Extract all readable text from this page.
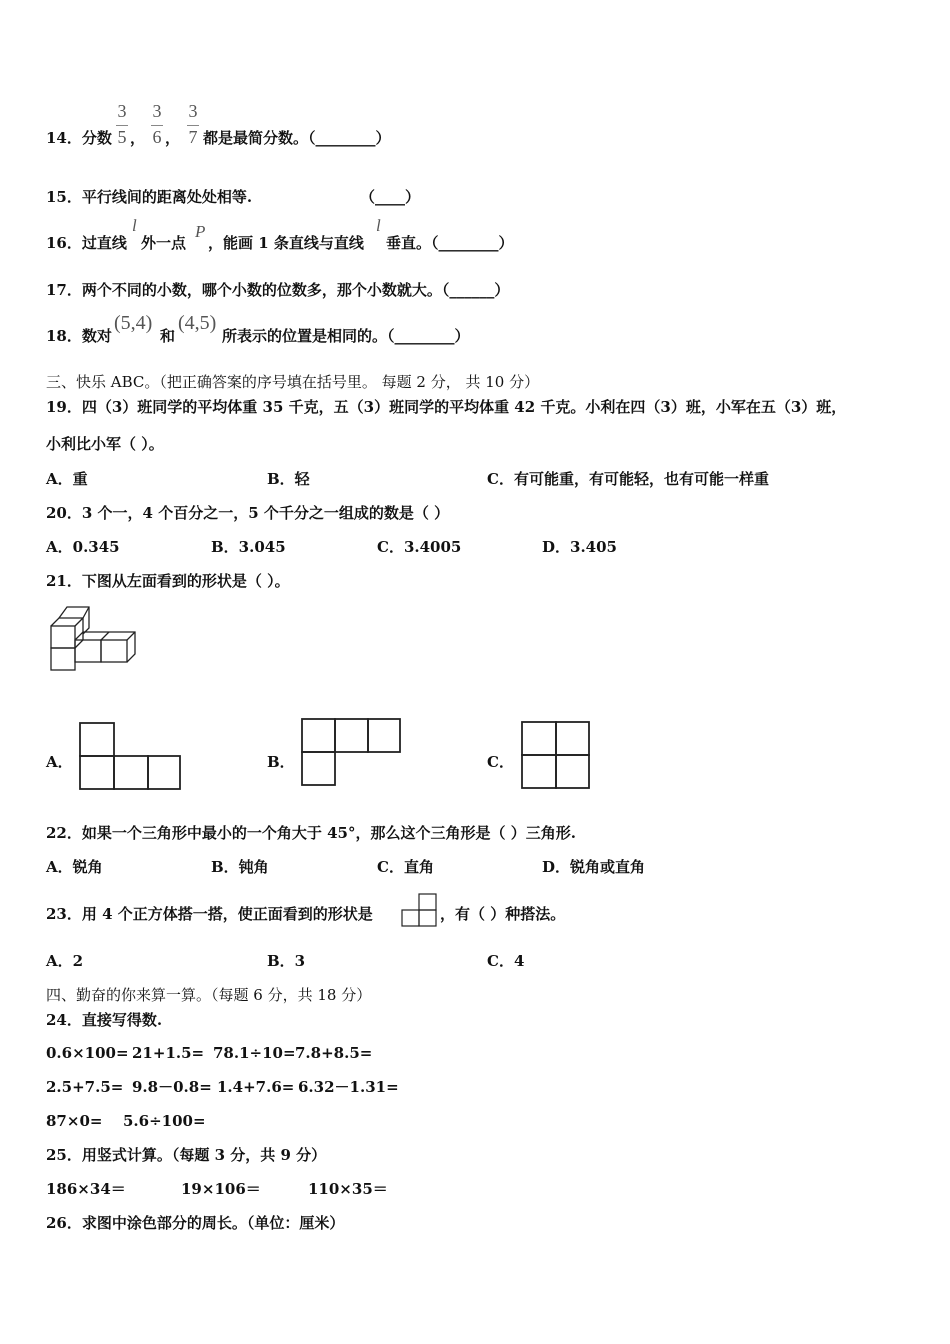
14．分数
3
5 ，
3
6 ，
3
7 都是最简分数。（________）
15．平行线间的距离处处相等.	（____）
16．过直线
l
外一点
P
，能画 1 条直线与直线
l
垂直。（________）
17．两个不同的小数，哪个小数的位数多，那个小数就大。（______）
18．数对
(5,4)
和
(4,5)
所表示的位置是相同的。（________）
三、快乐 ABC。（把正确答案的序号填在括号里。 每题 2 分， 共 10 分）
19．四（3）班同学的平均体重 35 千克，五（3）班同学的平均体重 42 千克。小利在四（3）班，小军在五（3）班，
小利比小军（ ）。
A．重	B．轻	C．有可能重，有可能轻，也有可能一样重
20．3 个一，4 个百分之一，5 个千分之一组成的数是（ ）
A．0.345	B．3.045	C．3.4005	D．3.405
21．下图从左面看到的形状是（ ）。
A．	B．	C．
22．如果一个三角形中最小的一个角大于 45°，那么这个三角形是（ ）三角形.
A．锐角	B．钝角	C．直角	D．锐角或直角
23．用 4 个正方体搭一搭，使正面看到的形状是	，有（ ）种搭法。
A．2	B．3	C．4
四、勤奋的你来算一算。（每题 6 分，共 18 分）
24．直接写得数.
0.6×100= 21+1.5= 78.1÷10= 7.8+8.5=
2.5+7.5= 9.8－0.8= 1.4+7.6= 6.32－1.31=
87×0= 5.6÷100=
25．用竖式计算。（每题 3 分，共 9 分）
186×34＝	19×106＝	110×35＝
26．求图中涂色部分的周长。（单位：厘米）
